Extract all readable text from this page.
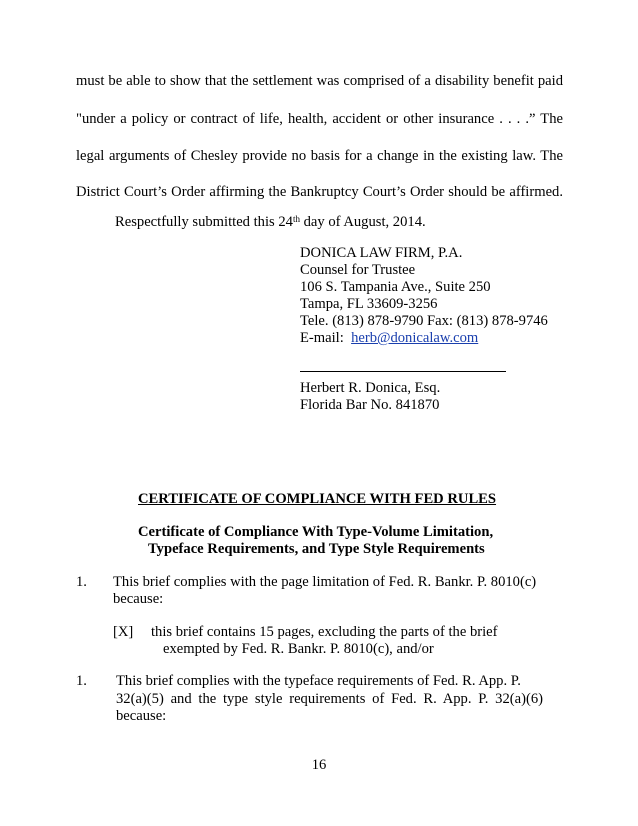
must be able to show that the settlement was comprised of a disability benefit paid
"under a policy or contract of life, health, accident or other insurance . . . .” The
legal arguments of Chesley provide no basis for a change in the existing law. The
District Court’s Order affirming the Bankruptcy Court’s Order should be affirmed.
Respectfully submitted this 24th day of August, 2014.
DONICA LAW FIRM, P.A.
Counsel for Trustee
106 S. Tampania Ave., Suite 250
Tampa, FL 33609-3256
Tele. (813) 878-9790 Fax: (813) 878-9746
E-mail: herb@donicalaw.com
Herbert R. Donica, Esq.
Florida Bar No. 841870
CERTIFICATE OF COMPLIANCE WITH FED RULES
Certificate of Compliance With Type-Volume Limitation,
Typeface Requirements, and Type Style Requirements
1. This brief complies with the page limitation of Fed. R. Bankr. P. 8010(c)
because:
[X] this brief contains 15 pages, excluding the parts of the brief
exempted by Fed. R. Bankr. P. 8010(c), and/or
1. This brief complies with the typeface requirements of Fed. R. App. P.
32(a)(5) and the type style requirements of Fed. R. App. P. 32(a)(6)
because:
16
